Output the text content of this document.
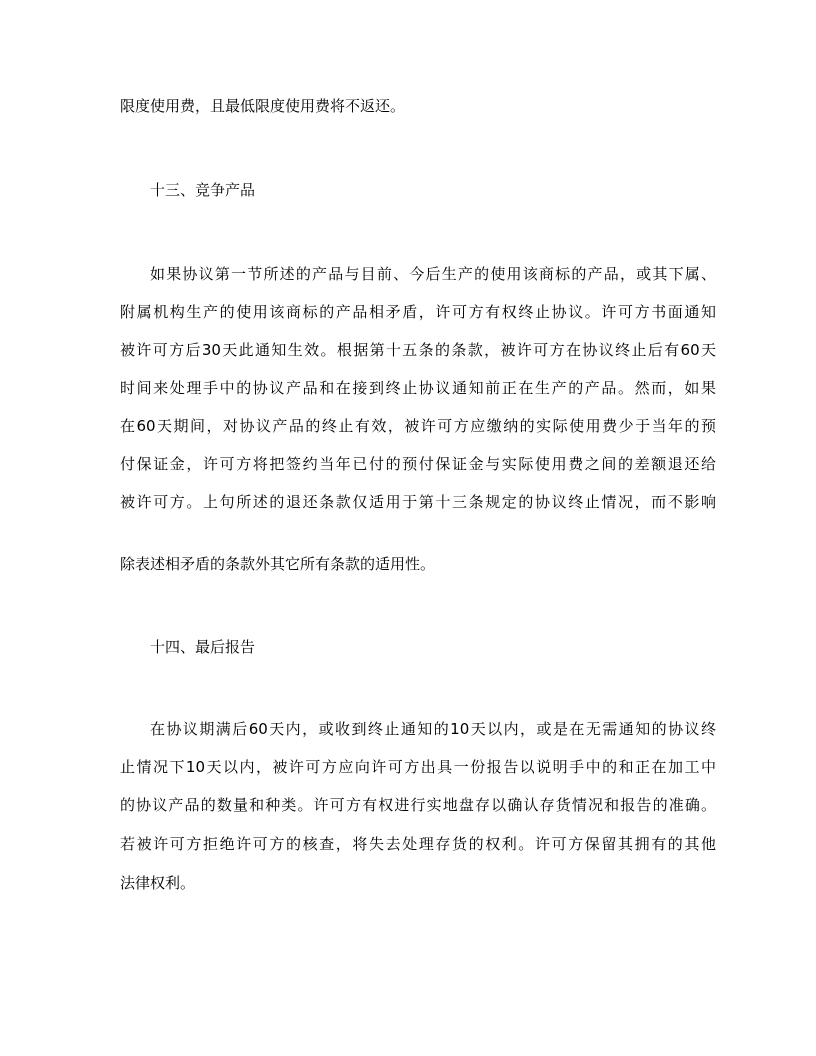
限度使用费，且最低限度使用费将不返还。
十三、竞争产品
如果协议第一节所述的产品与目前、今后生产的使用该商标的产品，或其下属、
附属机构生产的使用该商标的产品相矛盾，许可方有权终止协议。许可方书面通知
被许可方后30天此通知生效。根据第十五条的条款，被许可方在协议终止后有60天
时间来处理手中的协议产品和在接到终止协议通知前正在生产的产品。然而，如果
在60天期间，对协议产品的终止有效，被许可方应缴纳的实际使用费少于当年的预
付保证金，许可方将把签约当年已付的预付保证金与实际使用费之间的差额退还给
被许可方。上句所述的退还条款仅适用于第十三条规定的协议终止情况，而不影响
除表述相矛盾的条款外其它所有条款的适用性。
十四、最后报告
在协议期满后60天内，或收到终止通知的10天以内，或是在无需通知的协议终
止情况下10天以内，被许可方应向许可方出具一份报告以说明手中的和正在加工中
的协议产品的数量和种类。许可方有权进行实地盘存以确认存货情况和报告的准确。
若被许可方拒绝许可方的核查，将失去处理存货的权利。许可方保留其拥有的其他
法律权利。
